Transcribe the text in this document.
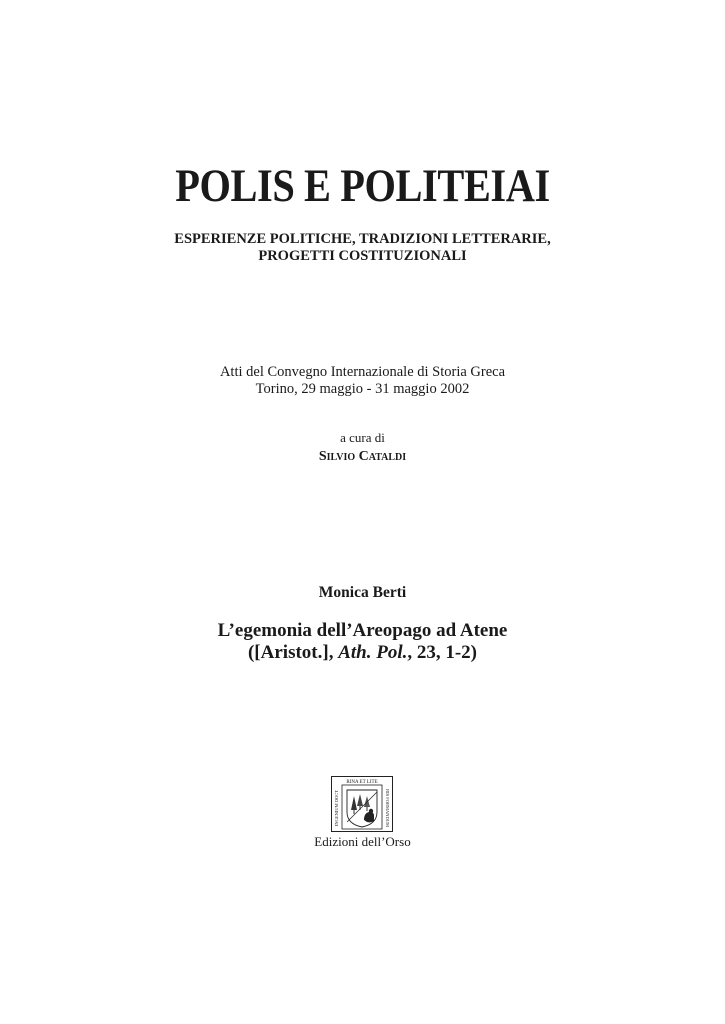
POLIS E POLITEIAI
ESPERIENZE POLITICHE, TRADIZIONI LETTERARIE,
PROGETTI COSTITUZIONALI
Atti del Convegno Internazionale di Storia Greca
Torino, 29 maggio - 31 maggio 2002
a cura di
Silvio Cataldi
Monica Berti
L’egemonia dell’Areopago ad Atene
([Aristot.], Ath. Pol., 23, 1-2)
RINA ET LITE
INGENIUM DOCT	RIS FORMANDUM
Edizioni dell’Orso
